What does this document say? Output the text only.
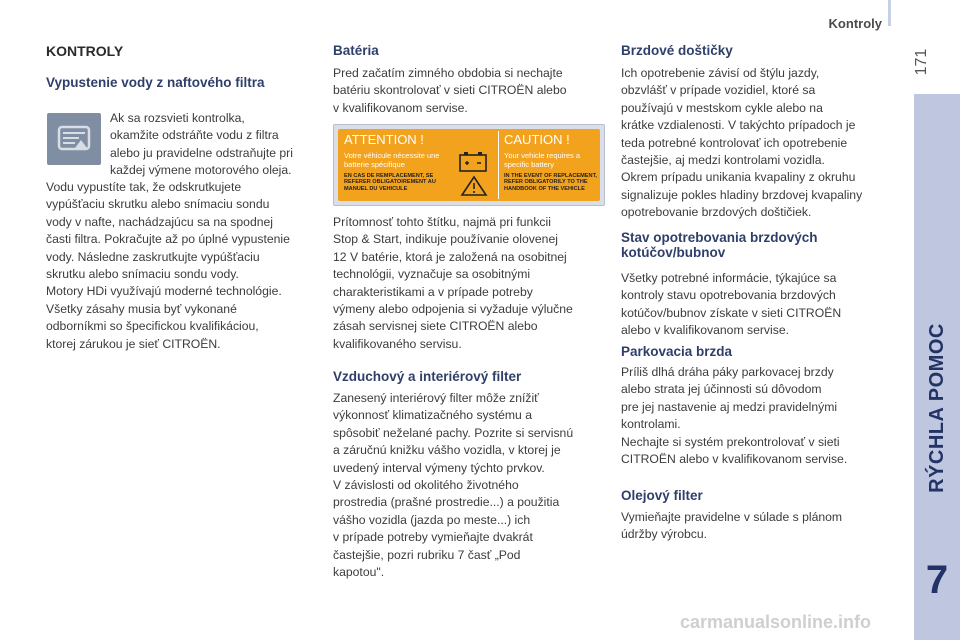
Kontroly
171
RÝCHLA POMOC
7
KONTROLY
Vypustenie vody z naftového filtra

Ak sa rozsvieti kontrolka,

okamžite odstráňte vodu z filtra

alebo ju pravidelne odstraňujte pri

každej výmene motorového oleja.

Vodu vypustíte tak, že odskrutkujete

vypúšťaciu skrutku alebo snímaciu sondu

vody v nafte, nachádzajúcu sa na spodnej

časti filtra. Pokračujte až po úplné vypustenie

vody. Následne zaskrutkujte vypúšťaciu

skrutku alebo snímaciu sondu vody.

Motory HDi využívajú moderné technológie.

Všetky zásahy musia byť vykonané

odborníkmi so špecifickou kvalifikáciou,

ktorej zárukou je sieť CITROËN.

Batéria

Pred začatím zimného obdobia si nechajte

batériu skontrolovať v sieti CITROËN alebo

v kvalifikovanom servise.

ATTENTION !	CAUTION !
Votre véhicule nécessite une batterie spécifique
Your vehicle requires a specific battery
EN CAS DE REMPLACEMENT, SE REFERER OBLIGATOIREMENT AU MANUEL DU VEHICULE
IN THE EVENT OF REPLACEMENT, REFER OBLIGATORILY TO THE HANDBOOK OF THE VEHICLE

Prítomnosť tohto štítku, najmä pri funkcii

Stop & Start, indikuje používanie olovenej

12 V batérie, ktorá je založená na osobitnej

technológii, vyznačuje sa osobitnými

charakteristikami a v prípade potreby

výmeny alebo odpojenia si vyžaduje výlučne

zásah servisnej siete CITROËN alebo

kvalifikovaného servisu.

Vzduchový a interiérový filter

Zanesený interiérový filter môže znížiť

výkonnosť klimatizačného systému a

spôsobiť neželané pachy. Pozrite si servisnú

a záručnú knižku vášho vozidla, v ktorej je

uvedený interval výmeny týchto prvkov.

V závislosti od okolitého životného

prostredia (prašné prostredie...) a použitia

vášho vozidla (jazda po meste...) ich

v prípade potreby vymieňajte dvakrát

častejšie, pozri rubriku 7 časť „Pod

kapotou".

Brzdové doštičky

Ich opotrebenie závisí od štýlu jazdy,

obzvlášť v prípade vozidiel, ktoré sa

používajú v mestskom cykle alebo na

krátke vzdialenosti. V takýchto prípadoch je

teda potrebné kontrolovať ich opotrebenie

častejšie, aj medzi kontrolami vozidla.

Okrem prípadu unikania kvapaliny z okruhu

signalizuje pokles hladiny brzdovej kvapaliny

opotrebovanie brzdových doštičiek.

Stav opotrebovania brzdových kotúčov/bubnov

Všetky potrebné informácie, týkajúce sa

kontroly stavu opotrebovania brzdových

kotúčov/bubnov získate v sieti CITROËN

alebo v kvalifikovanom servise.

Parkovacia brzda

Príliš dlhá dráha páky parkovacej brzdy

alebo strata jej účinnosti sú dôvodom

pre jej nastavenie aj medzi pravidelnými

kontrolami.

Nechajte si systém prekontrolovať v sieti

CITROËN alebo v kvalifikovanom servise.

Olejový filter

Vymieňajte pravidelne v súlade s plánom

údržby výrobcu.

carmanualsonline.info
